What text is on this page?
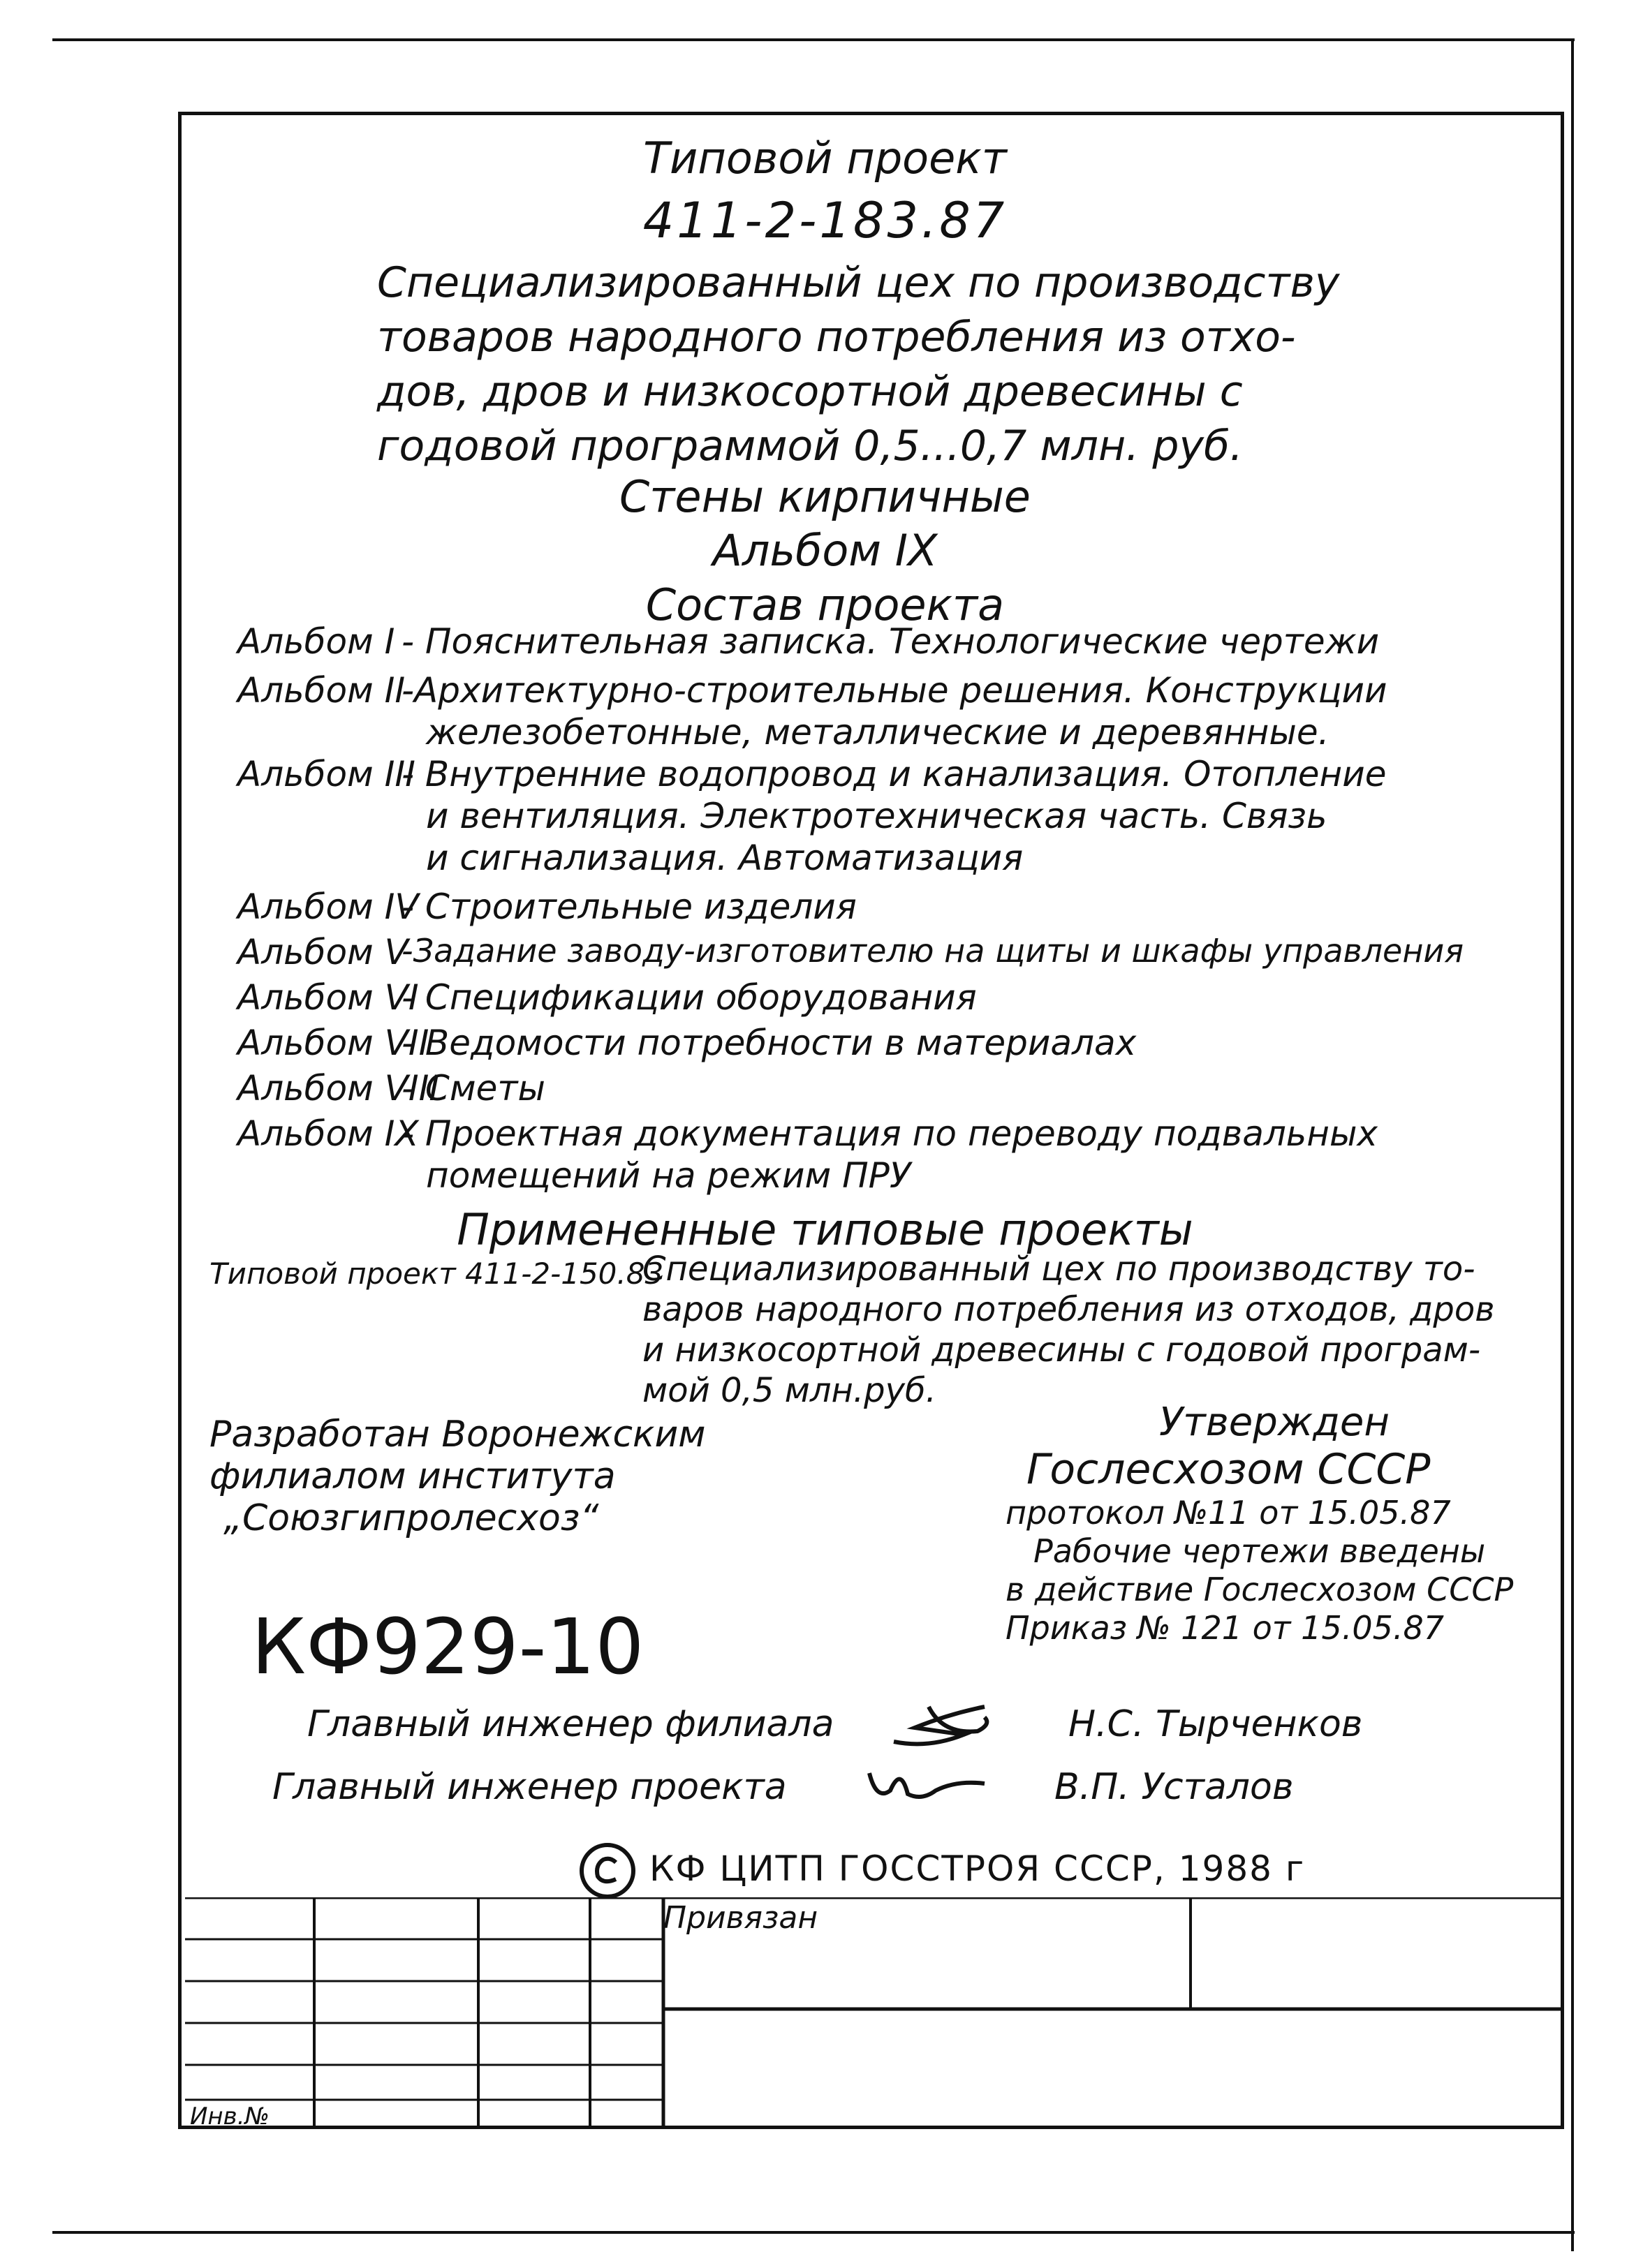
Типовой проект
411-2-183.87
Специализированный цех по производству
товаров народного потребления из отхо-
дов, дров и низкосортной древесины с
годовой программой 0,5...0,7 млн. руб.
Стены кирпичные
Альбом IX
Состав проекта
Альбом I - Пояснительная записка. Технологические чертежи
Альбом II
-Архитектурно-строительные решения. Конструкции
железобетонные, металлические и деревянные.
Альбом III
- Внутренние водопровод и канализация. Отопление
и вентиляция. Электротехническая часть. Связь
и сигнализация. Автоматизация
Альбом IV
- Строительные изделия
Альбом V
-Задание заводу-изготовителю на щиты и шкафы управления
Альбом VI
- Спецификации оборудования
Альбом VII
- Ведомости потребности в материалах
Альбом VIII
- Сметы
Альбом IX
- Проектная документация по переводу подвальных
помещений на режим ПРУ
Примененные типовые проекты
Типовой проект 411-2-150.83
Специализированный цех по производству то-
варов народного потребления из отходов, дров
и низкосортной древесины с годовой програм-
мой 0,5 млн.руб.
Разработан Воронежским
филиалом института
„Союзгипролесхоз“
Утвержден
Гослесхозом СССР
протокол №11 от 15.05.87
Рабочие чертежи введены
в действие Гослесхозом СССР
Приказ № 121 от 15.05.87
КФ929-10
Главный инженер филиала	Н.С. Тырченков
Главный инженер проекта	В.П. Усталов
КФ ЦИТП ГОССТРОЯ СССР, 1988 г
Привязан
Инв.№
